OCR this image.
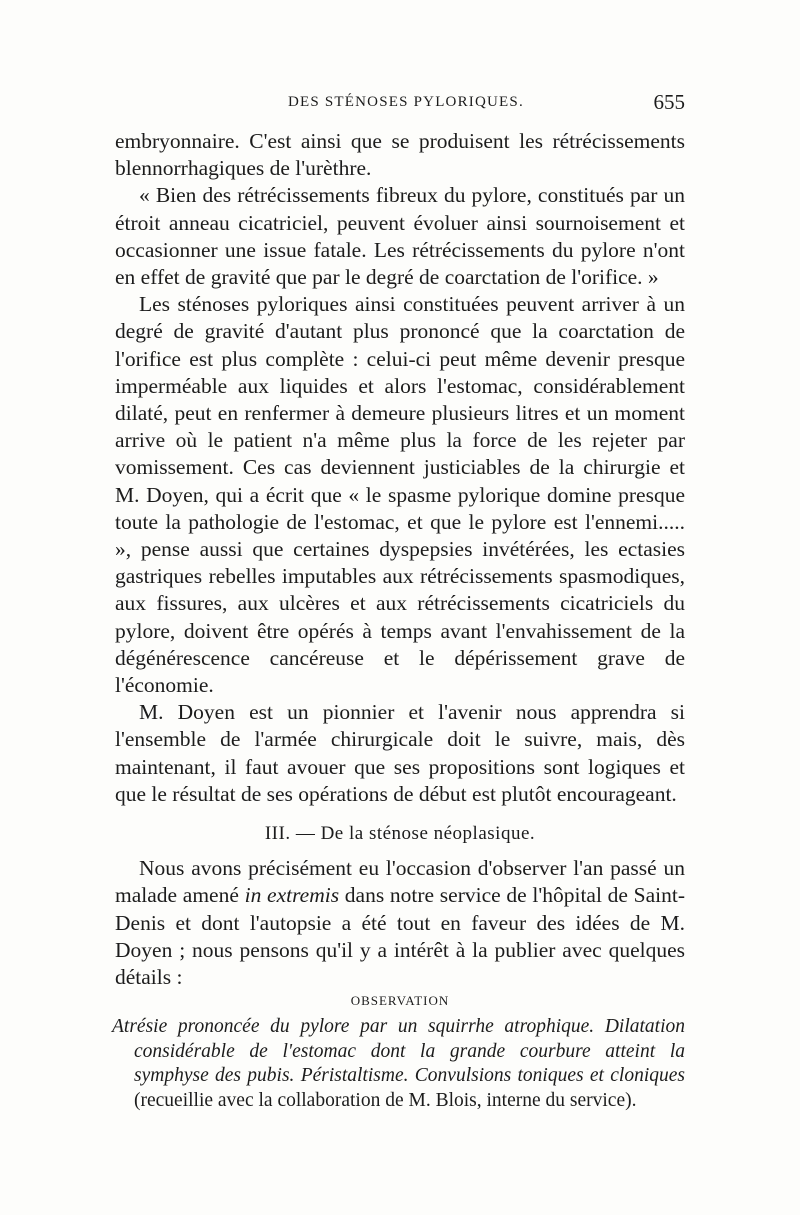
DES STÉNOSES PYLORIQUES.	655

embryonnaire. C'est ainsi que se produisent les rétrécissements blennorrhagiques de l'urèthre.

« Bien des rétrécissements fibreux du pylore, constitués par un étroit anneau cicatriciel, peuvent évoluer ainsi sournoisement et occasionner une issue fatale. Les rétrécissements du pylore n'ont en effet de gravité que par le degré de coarctation de l'orifice. »

Les sténoses pyloriques ainsi constituées peuvent arriver à un degré de gravité d'autant plus prononcé que la coarctation de l'orifice est plus complète : celui-ci peut même devenir presque imperméable aux liquides et alors l'estomac, considérablement dilaté, peut en renfermer à demeure plusieurs litres et un moment arrive où le patient n'a même plus la force de les rejeter par vomissement. Ces cas deviennent justiciables de la chirurgie et M. Doyen, qui a écrit que « le spasme pylorique domine presque toute la pathologie de l'estomac, et que le pylore est l'ennemi..... », pense aussi que certaines dyspepsies invétérées, les ectasies gastriques rebelles imputables aux rétrécissements spasmodiques, aux fissures, aux ulcères et aux rétrécissements cicatriciels du pylore, doivent être opérés à temps avant l'envahissement de la dégénérescence cancéreuse et le dépérissement grave de l'économie.

M. Doyen est un pionnier et l'avenir nous apprendra si l'ensemble de l'armée chirurgicale doit le suivre, mais, dès maintenant, il faut avouer que ses propositions sont logiques et que le résultat de ses opérations de début est plutôt encourageant.

III. — De la sténose néoplasique.

Nous avons précisément eu l'occasion d'observer l'an passé un malade amené in extremis dans notre service de l'hôpital de Saint-Denis et dont l'autopsie a été tout en faveur des idées de M. Doyen ; nous pensons qu'il y a intérêt à la publier avec quelques détails :

OBSERVATION

Atrésie prononcée du pylore par un squirrhe atrophique. Dilatation considérable de l'estomac dont la grande courbure atteint la symphyse des pubis. Péristaltisme. Convulsions toniques et cloniques (recueillie avec la collaboration de M. Blois, interne du service).
